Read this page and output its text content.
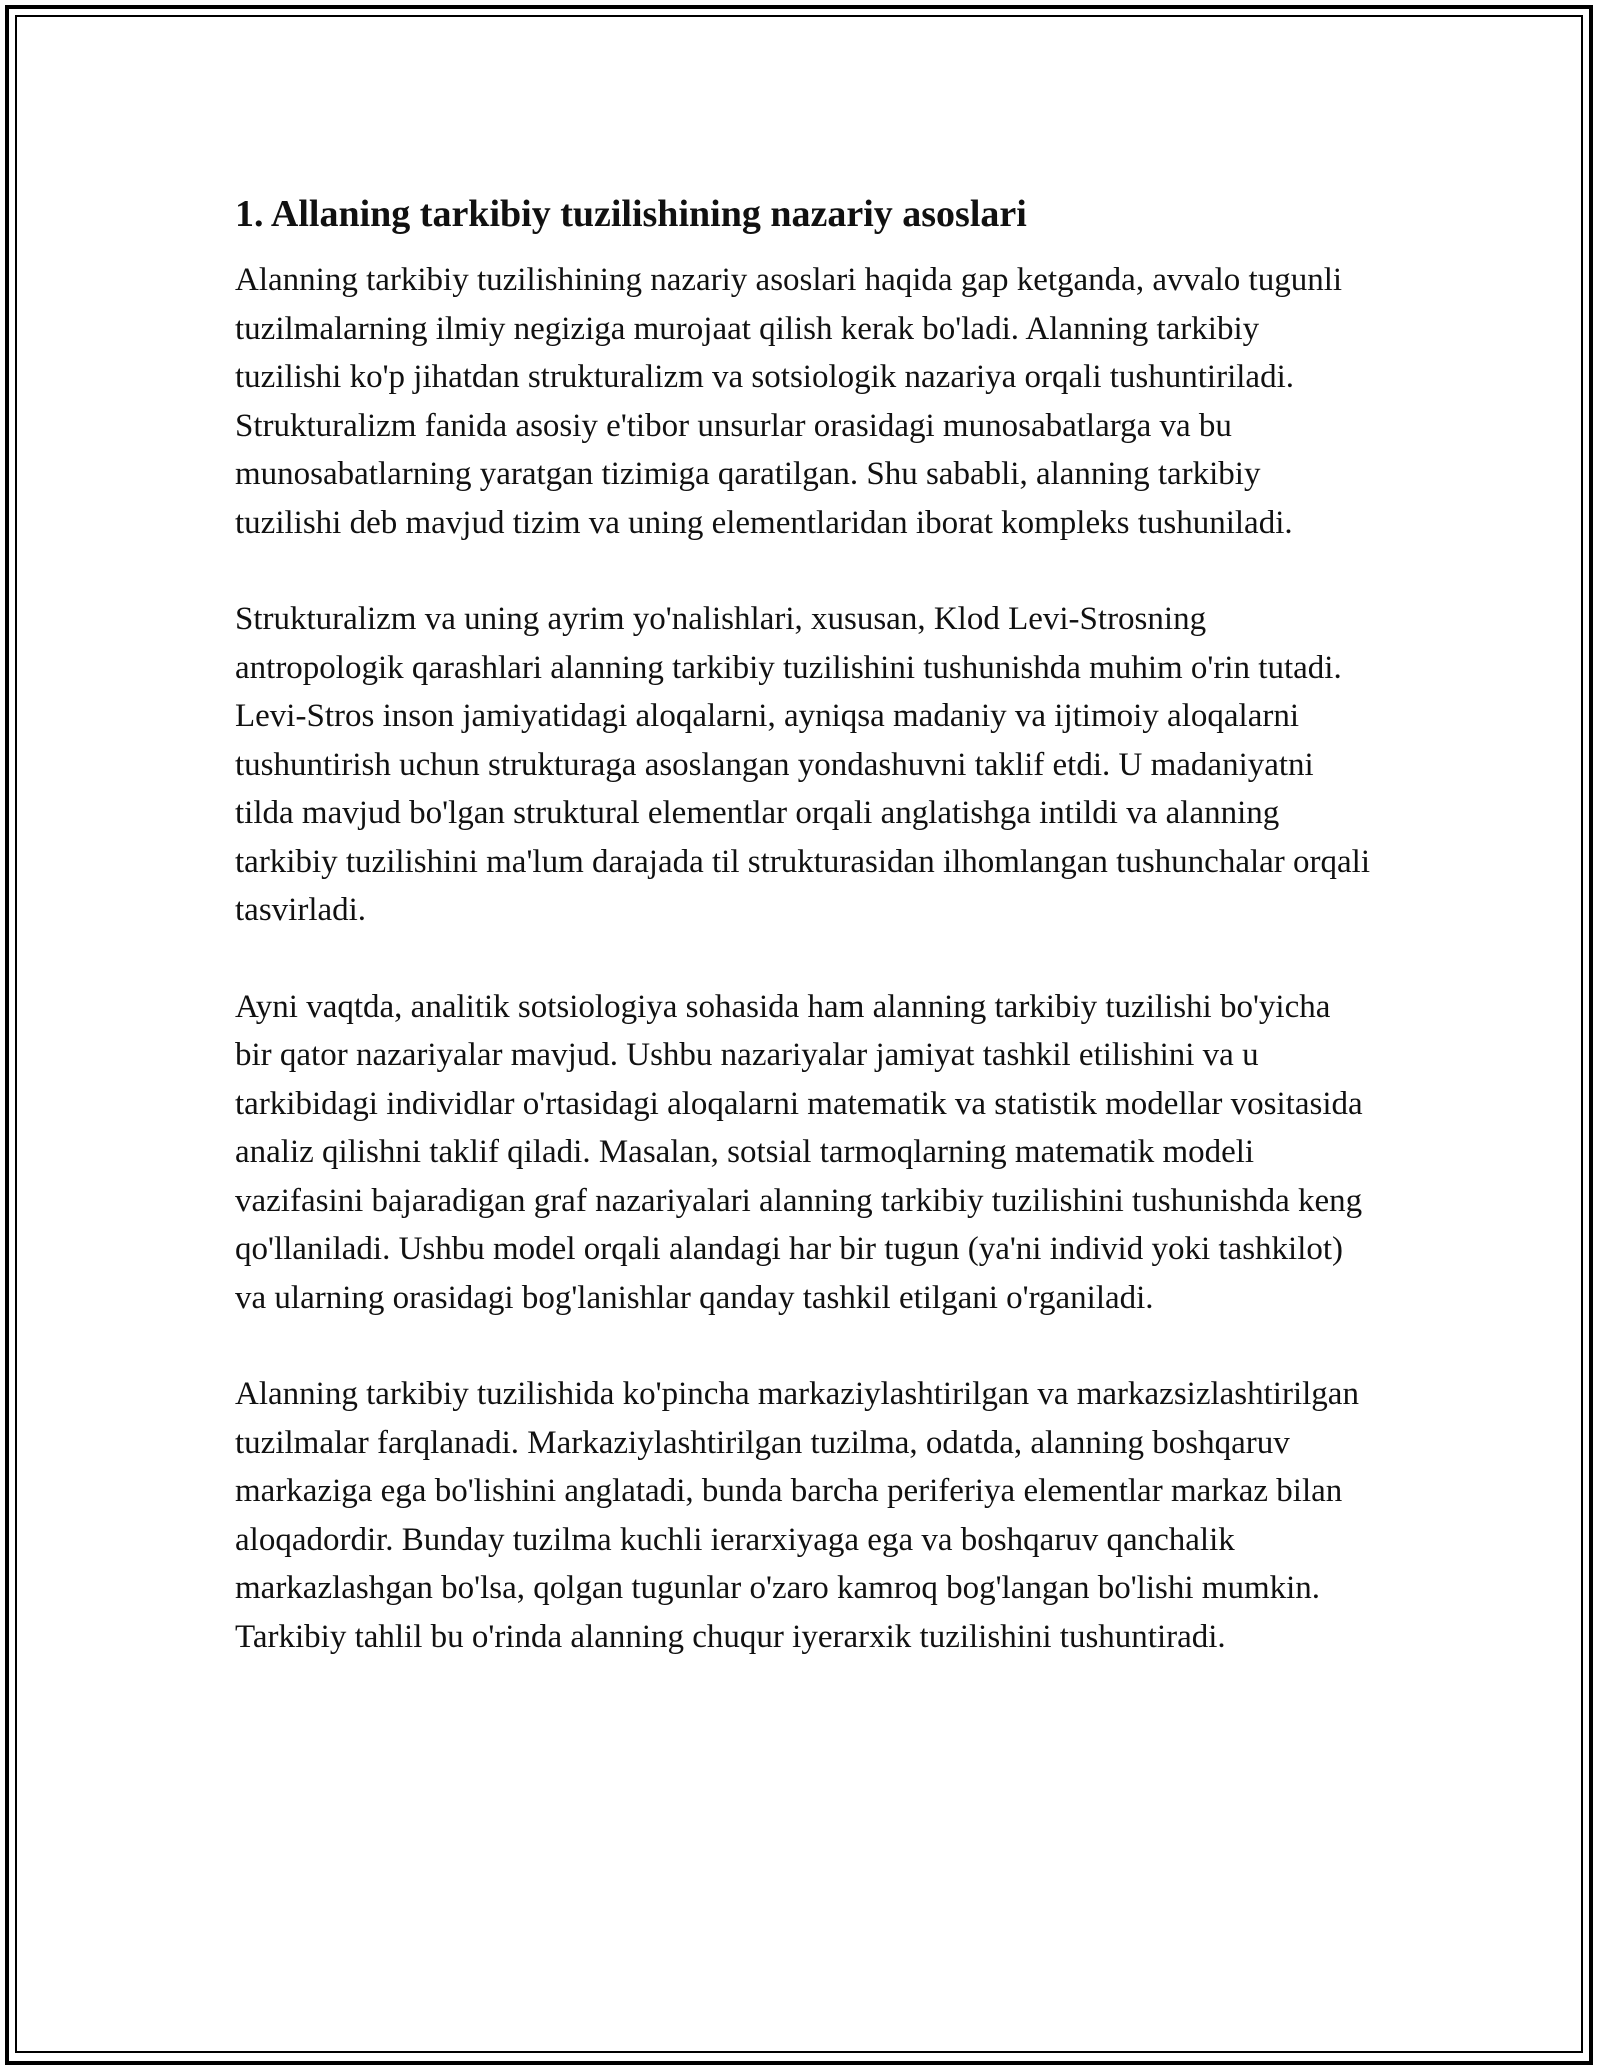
1. Allaning tarkibiy tuzilishining nazariy asoslari

Alanning tarkibiy tuzilishining nazariy asoslari haqida gap ketganda, avvalo tugunli tuzilmalarning ilmiy negiziga murojaat qilish kerak bo'ladi. Alanning tarkibiy tuzilishi ko'p jihatdan strukturalizm va sotsiologik nazariya orqali tushuntiriladi. Strukturalizm fanida asosiy e'tibor unsurlar orasidagi munosabatlarga va bu munosabatlarning yaratgan tizimiga qaratilgan. Shu sababli, alanning tarkibiy tuzilishi deb mavjud tizim va uning elementlaridan iborat kompleks tushuniladi.

Strukturalizm va uning ayrim yo'nalishlari, xususan, Klod Levi-Strosning antropologik qarashlari alanning tarkibiy tuzilishini tushunishda muhim o'rin tutadi. Levi-Stros inson jamiyatidagi aloqalarni, ayniqsa madaniy va ijtimoiy aloqalarni tushuntirish uchun strukturaga asoslangan yondashuvni taklif etdi. U madaniyatni tilda mavjud bo'lgan struktural elementlar orqali anglatishga intildi va alanning tarkibiy tuzilishini ma'lum darajada til strukturasidan ilhomlangan tushunchalar orqali tasvirladi.

Ayni vaqtda, analitik sotsiologiya sohasida ham alanning tarkibiy tuzilishi bo'yicha bir qator nazariyalar mavjud. Ushbu nazariyalar jamiyat tashkil etilishini va u tarkibidagi individlar o'rtasidagi aloqalarni matematik va statistik modellar vositasida analiz qilishni taklif qiladi. Masalan, sotsial tarmoqlarning matematik modeli vazifasini bajaradigan graf nazariyalari alanning tarkibiy tuzilishini tushunishda keng qo'llaniladi. Ushbu model orqali alandagi har bir tugun (ya'ni individ yoki tashkilot) va ularning orasidagi bog'lanishlar qanday tashkil etilgani o'rganiladi.

Alanning tarkibiy tuzilishida ko'pincha markaziylashtirilgan va markazsizlashtirilgan tuzilmalar farqlanadi. Markaziylashtirilgan tuzilma, odatda, alanning boshqaruv markaziga ega bo'lishini anglatadi, bunda barcha periferiya elementlar markaz bilan aloqadordir. Bunday tuzilma kuchli ierarxiyaga ega va boshqaruv qanchalik markazlashgan bo'lsa, qolgan tugunlar o'zaro kamroq bog'langan bo'lishi mumkin. Tarkibiy tahlil bu o'rinda alanning chuqur iyerarxik tuzilishini tushuntiradi.
